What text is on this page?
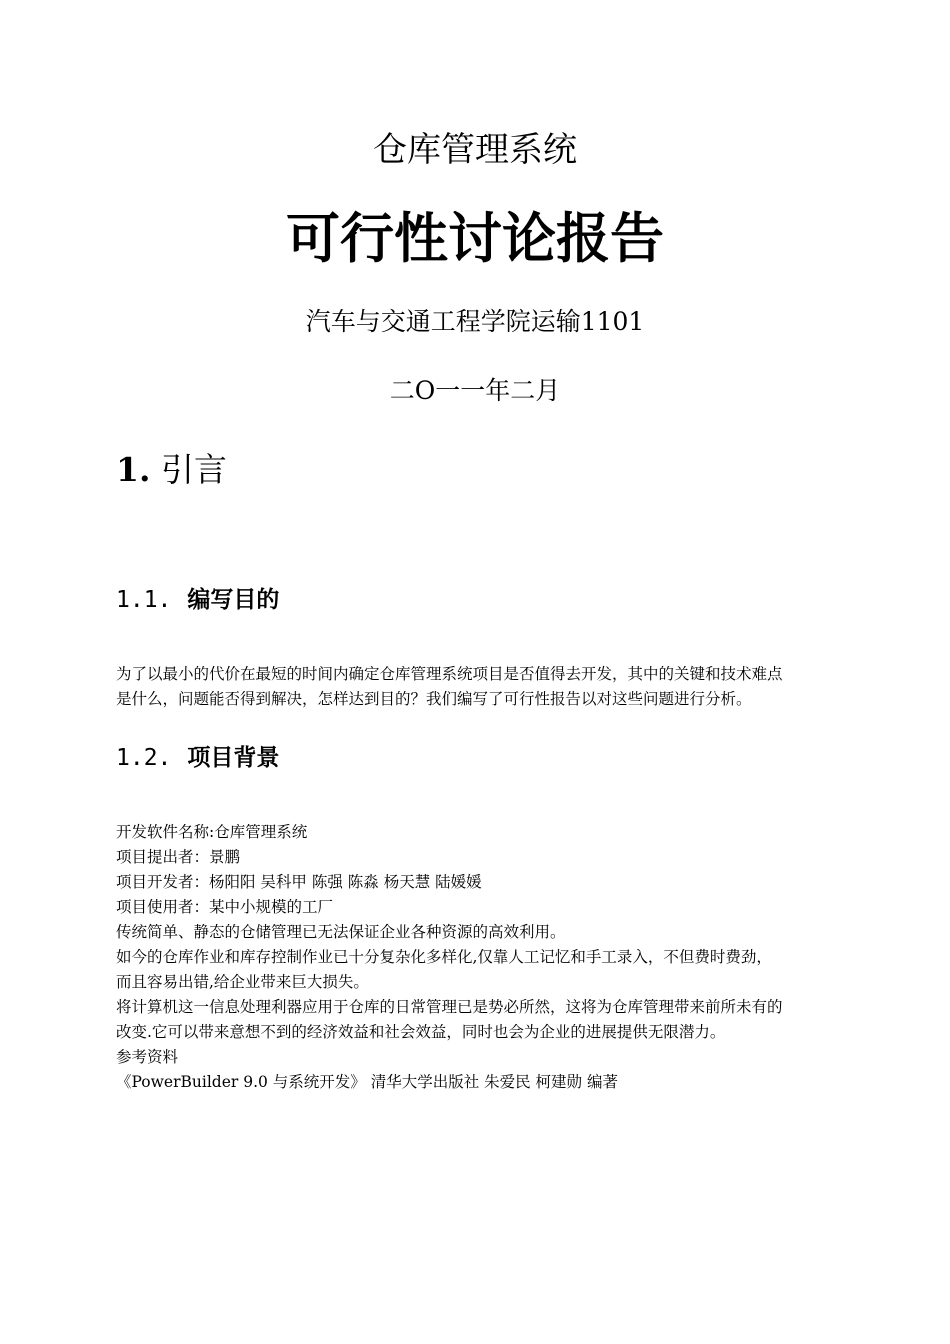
仓库管理系统
可行性讨论报告
汽车与交通工程学院运输1101
二O一一年二月
1. 引言
1.1. 编写目的
为了以最小的代价在最短的时间内确定仓库管理系统项目是否值得去开发，其中的关键和技术难点
是什么，问题能否得到解决，怎样达到目的？我们编写了可行性报告以对这些问题进行分析。
1.2. 项目背景
开发软件名称:仓库管理系统
项目提出者：景鹏
项目开发者：杨阳阳 吴科甲 陈强 陈淼 杨天慧 陆媛媛
项目使用者：某中小规模的工厂
传统简单、静态的仓储管理已无法保证企业各种资源的高效利用。
如今的仓库作业和库存控制作业已十分复杂化多样化,仅靠人工记忆和手工录入，不但费时费劲，
而且容易出错,给企业带来巨大损失。
将计算机这一信息处理利器应用于仓库的日常管理已是势必所然，这将为仓库管理带来前所未有的
改变.它可以带来意想不到的经济效益和社会效益，同时也会为企业的进展提供无限潜力。
参考资料
《PowerBuilder 9.0 与系统开发》 清华大学出版社 朱爱民 柯建勋 编著
